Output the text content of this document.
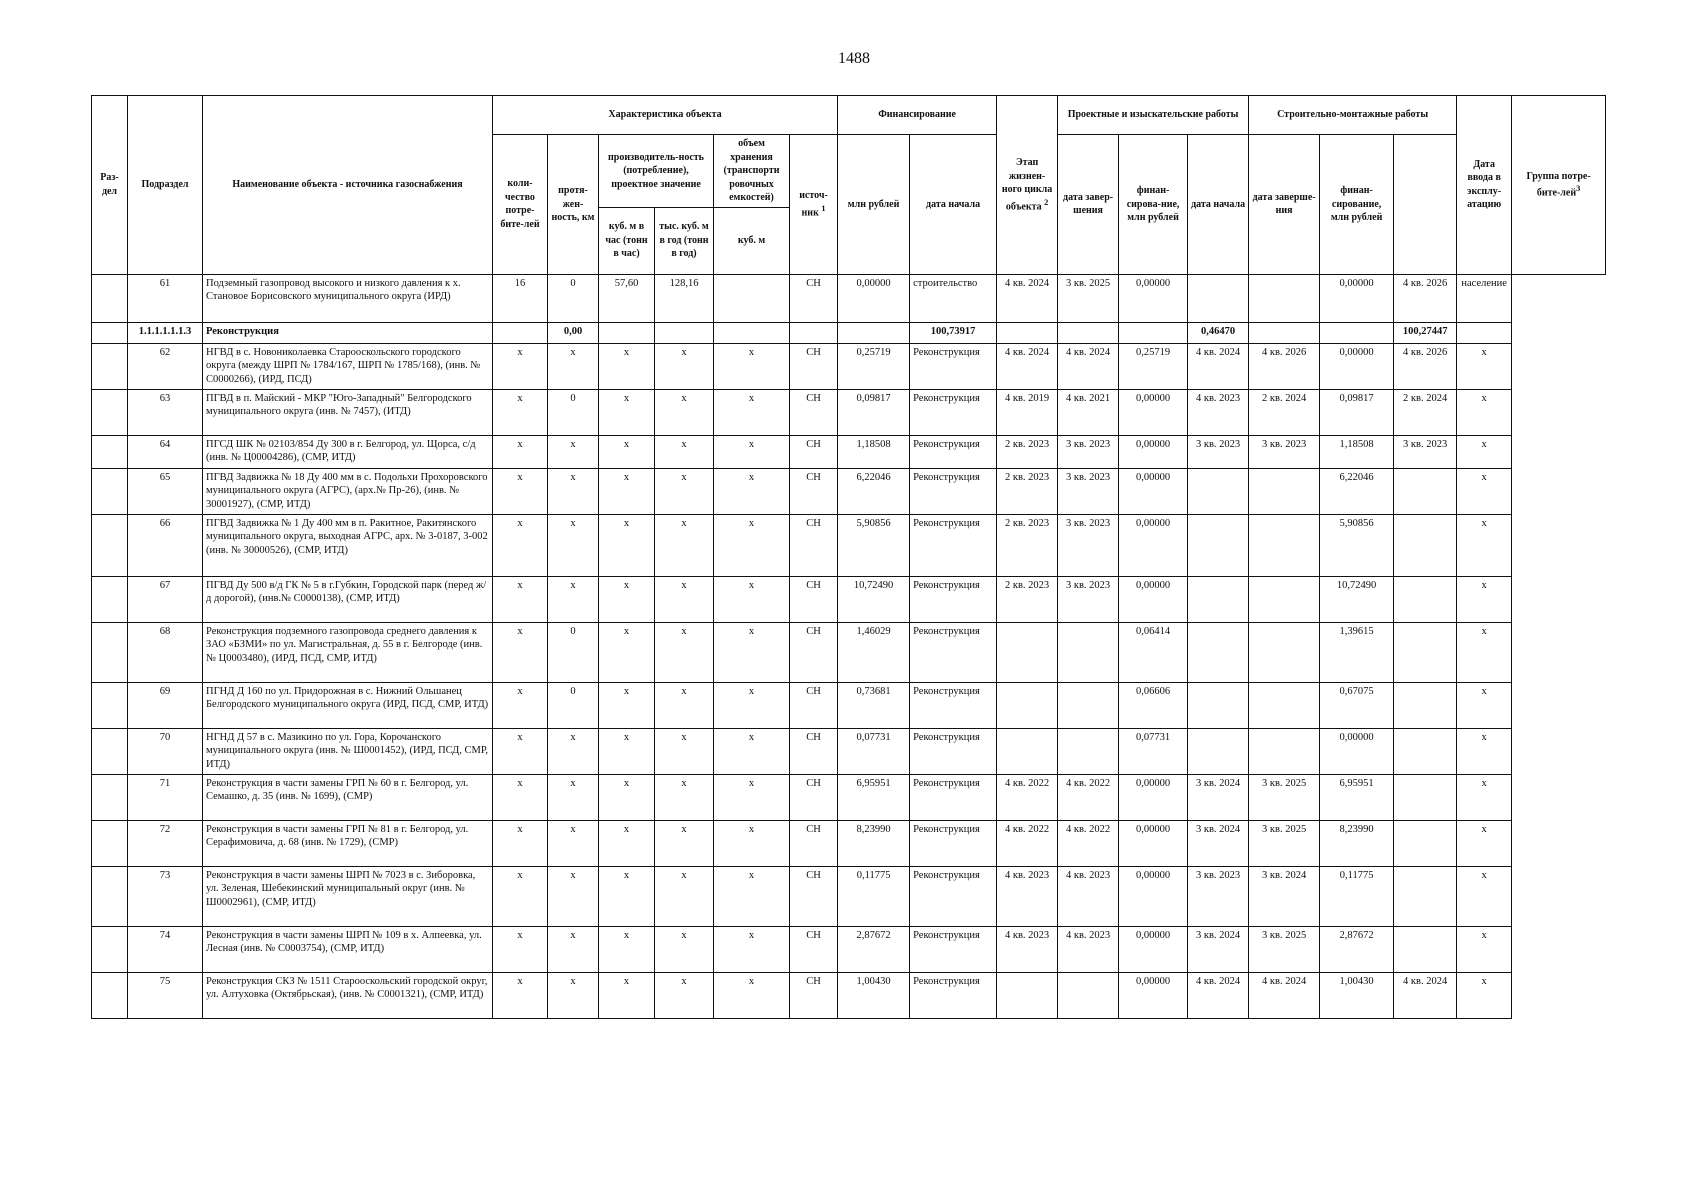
1488
Раз-дел	Подраздел	Наименование объекта - источника газоснабжения	Характеристика объекта						Финансирование		Этап жизнен-ного цикла объекта $^2$	Проектные и изыскательские работы			Строительно-монтажные работы			Дата ввода в эксплу-атацию	Группа потре-бите-лей$^3$
			коли-чество потре-бите-лей	протя-жен-ность, км	производитель-ность (потребление), проектное значение		объем хранения (транспорти ровочных емкостей)	источ-ник $^1$	млн рублей	дата начала		дата завер-шения	финан-сирова-ние, млн рублей	дата начала	дата заверше-ния	финан-сирование, млн рублей			
					куб. м в час (тонн в час)	тыс. куб. м в год (тонн в год)	куб. м												
	61	Подземный газопровод высокого и низкого давления к х. Становое Борисовского муниципального округа (ИРД)	16	0	57,60	128,16		СН	0,00000	строительство	4 кв. 2024	3 кв. 2025	0,00000			0,00000	4 кв. 2026	население	
	1.1.1.1.1.1.3	Реконструкция		0,00						100,73917				0,46470			100,27447		
	62	НГВД в с. Новониколаевка Старооскольского городского округа (между ШРП № 1784/167, ШРП № 1785/168), (инв. № С0000266), (ИРД, ПСД)	х	х	х	х	х	СН	0,25719	Реконструкция	4 кв. 2024	4 кв. 2024	0,25719	4 кв. 2024	4 кв. 2026	0,00000	4 кв. 2026	х	
	63	ПГВД в п. Майский - МКР "Юго-Западный" Белгородского муниципального округа (инв. № 7457), (ИТД)	х	0	х	х	х	СН	0,09817	Реконструкция	4 кв. 2019	4 кв. 2021	0,00000	4 кв. 2023	2 кв. 2024	0,09817	2 кв. 2024	х	
	64	ПГСД ШК № 02103/854 Ду 300 в г. Белгород, ул. Щорса, с/д (инв. № Ц00004286), (СМР, ИТД)	х	х	х	х	х	СН	1,18508	Реконструкция	2 кв. 2023	3 кв. 2023	0,00000	3 кв. 2023	3 кв. 2023	1,18508	3 кв. 2023	х	
	65	ПГВД Задвижка № 18 Ду 400 мм в с. Подольхи Прохоровского муниципального округа (АГРС), (арх.№ Пр-26), (инв. № 30001927), (СМР, ИТД)	х	х	х	х	х	СН	6,22046	Реконструкция	2 кв. 2023	3 кв. 2023	0,00000			6,22046		х	
	66	ПГВД Задвижка № 1 Ду 400 мм в п. Ракитное, Ракитянского муниципального округа, выходная АГРС, арх. № 3-0187, 3-002 (инв. № 30000526), (СМР, ИТД)	х	х	х	х	х	СН	5,90856	Реконструкция	2 кв. 2023	3 кв. 2023	0,00000			5,90856		х	
	67	ПГВД Ду 500 в/д ГК № 5 в г.Губкин, Городской парк (перед ж/д дорогой), (инв.№ С0000138), (СМР, ИТД)	х	х	х	х	х	СН	10,72490	Реконструкция	2 кв. 2023	3 кв. 2023	0,00000			10,72490		х	
	68	Реконструкция подземного газопровода среднего давления к ЗАО «БЗМИ» по ул. Магистральная, д. 55 в г. Белгороде (инв. № Ц0003480), (ИРД, ПСД, СМР, ИТД)	х	0	х	х	х	СН	1,46029	Реконструкция			0,06414			1,39615		х	
	69	ПГНД Д 160 по ул. Придорожная в с. Нижний Ольшанец Белгородского муниципального округа (ИРД, ПСД, СМР, ИТД)	х	0	х	х	х	СН	0,73681	Реконструкция			0,06606			0,67075		х	
	70	НГНД Д 57 в с. Мазикино по ул. Гора, Корочанского муниципального округа (инв. № Ш0001452), (ИРД, ПСД, СМР, ИТД)	х	х	х	х	х	СН	0,07731	Реконструкция			0,07731			0,00000		х	
	71	Реконструкция в части замены ГРП № 60 в г. Белгород, ул. Семашко, д. 35 (инв. № 1699), (СМР)	х	х	х	х	х	СН	6,95951	Реконструкция	4 кв. 2022	4 кв. 2022	0,00000	3 кв. 2024	3 кв. 2025	6,95951		х	
	72	Реконструкция в части замены ГРП № 81 в г. Белгород, ул. Серафимовича, д. 68 (инв. № 1729), (СМР)	х	х	х	х	х	СН	8,23990	Реконструкция	4 кв. 2022	4 кв. 2022	0,00000	3 кв. 2024	3 кв. 2025	8,23990		х	
	73	Реконструкция в части замены ШРП № 7023 в с. Зиборовка, ул. Зеленая, Шебекинский муниципальный округ (инв. № Ш0002961), (СМР, ИТД)	х	х	х	х	х	СН	0,11775	Реконструкция	4 кв. 2023	4 кв. 2023	0,00000	3 кв. 2023	3 кв. 2024	0,11775		х	
	74	Реконструкция в части замены ШРП № 109 в х. Алпеевка, ул. Лесная (инв. № С0003754), (СМР, ИТД)	х	х	х	х	х	СН	2,87672	Реконструкция	4 кв. 2023	4 кв. 2023	0,00000	3 кв. 2024	3 кв. 2025	2,87672		х	
	75	Реконструкция СКЗ № 1511 Старооскольский городской округ, ул. Алтуховка (Октябрьская), (инв. № С0001321), (СМР, ИТД)	х	х	х	х	х	СН	1,00430	Реконструкция			0,00000	4 кв. 2024	4 кв. 2024	1,00430	4 кв. 2024	х	
